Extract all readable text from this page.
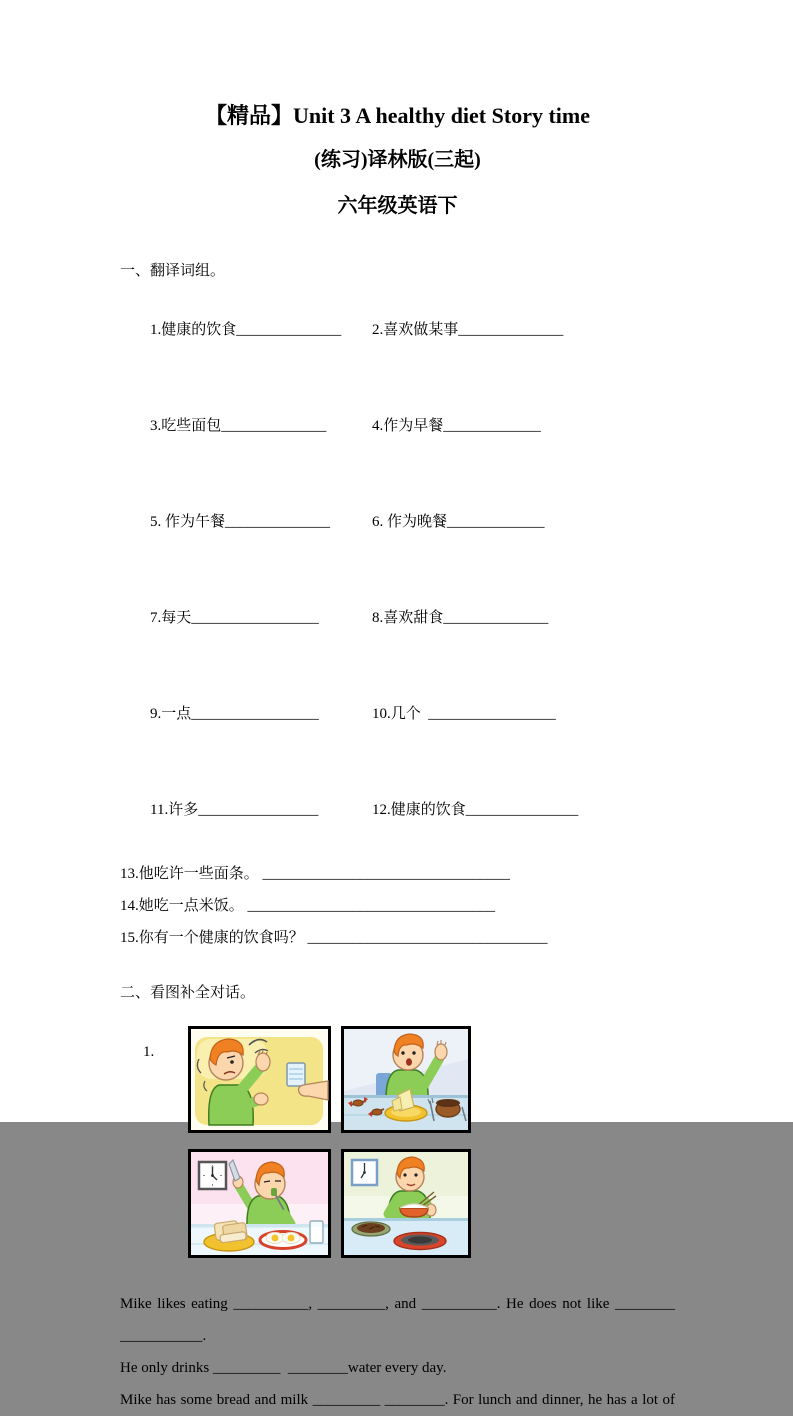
【精品】Unit 3 A healthy diet Story time
(练习)译林版(三起)
六年级英语下
一、翻译词组。

1.健康的饮食______________ 2.喜欢做某事______________

3.吃些面包______________	4.作为早餐_____________

5. 作为午餐______________	6. 作为晚餐_____________

7.每天_________________	8.喜欢甜食______________

9.一点_________________	10.几个  _________________

11.许多________________	12.健康的饮食_______________

13.他吃许一些面条。 _________________________________
14.她吃一点米饭。 _________________________________
15.你有一个健康的饮食吗？ ________________________________
二、看图补全对话。
1.

Mike likes eating __________, _________, and __________. He does not like ________ ___________.

He only drinks _________  ________water every day.

Mike has some bread and milk _________ ________. For lunch and dinner, he has a lot of
